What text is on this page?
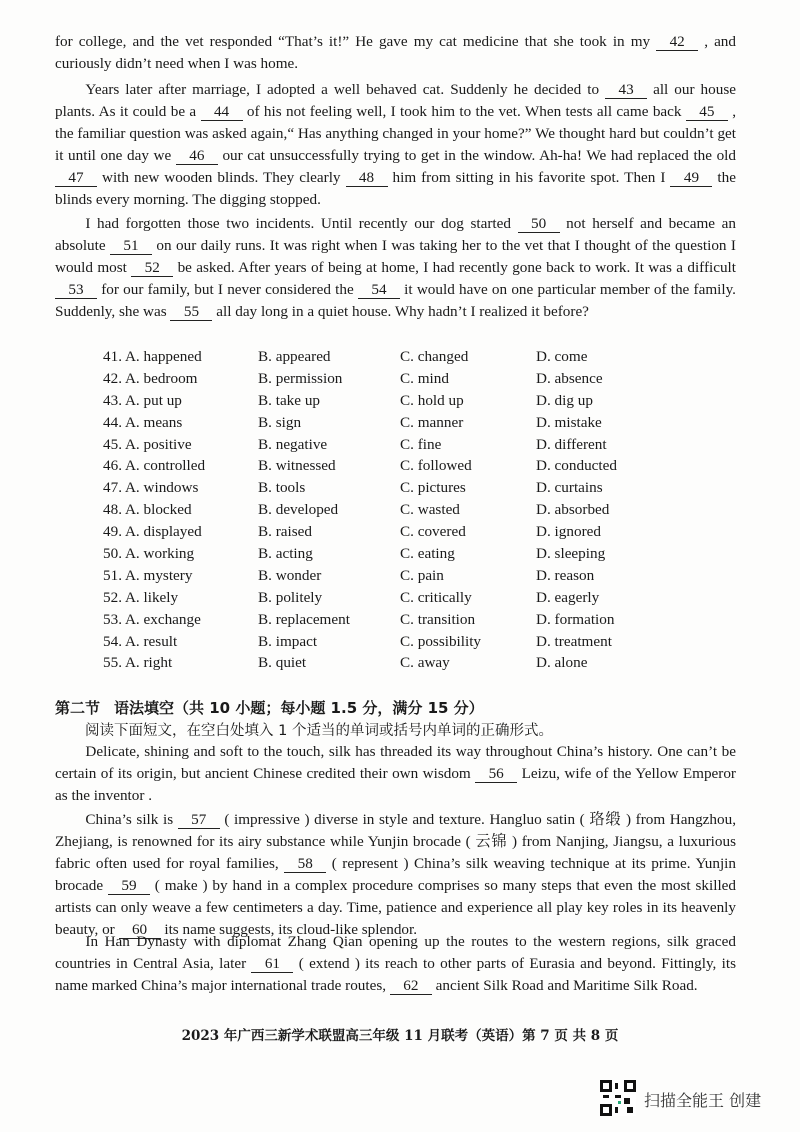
for college, and the vet responded “That’s it!” He gave my cat medicine that she took in my 42 , and curiously didn’t need when I was home.
Years later after marriage, I adopted a well behaved cat. Suddenly he decided to 43 all our house plants. As it could be a 44 of his not feeling well, I took him to the vet. When tests all came back 45 , the familiar question was asked again,“ Has anything changed in your home?” We thought hard but couldn’t get it until one day we 46 our cat unsuccessfully trying to get in the window. Ah-ha! We had replaced the old 47 with new wooden blinds. They clearly 48 him from sitting in his favorite spot. Then I 49 the blinds every morning. The digging stopped.
I had forgotten those two incidents. Until recently our dog started 50 not herself and became an absolute 51 on our daily runs. It was right when I was taking her to the vet that I thought of the question I would most 52 be asked. After years of being at home, I had recently gone back to work. It was a difficult 53 for our family, but I never considered the 54 it would have on one particular member of the family. Suddenly, she was 55 all day long in a quiet house. Why hadn’t I realized it before?
41. A. happened	B. appeared	C. changed	D. come
42. A. bedroom	B. permission	C. mind	D. absence
43. A. put up	B. take up	C. hold up	D. dig up
44. A. means	B. sign	C. manner	D. mistake
45. A. positive	B. negative	C. fine	D. different
46. A. controlled	B. witnessed	C. followed	D. conducted
47. A. windows	B. tools	C. pictures	D. curtains
48. A. blocked	B. developed	C. wasted	D. absorbed
49. A. displayed	B. raised	C. covered	D. ignored
50. A. working	B. acting	C. eating	D. sleeping
51. A. mystery	B. wonder	C. pain	D. reason
52. A. likely	B. politely	C. critically	D. eagerly
53. A. exchange	B. replacement	C. transition	D. formation
54. A. result	B. impact	C. possibility	D. treatment
55. A. right	B. quiet	C. away	D. alone
第二节 语法填空（共 10 小题；每小题 1.5 分，满分 15 分）
阅读下面短文，在空白处填入 1 个适当的单词或括号内单词的正确形式。
Delicate, shining and soft to the touch, silk has threaded its way throughout China’s history. One can’t be certain of its origin, but ancient Chinese credited their own wisdom 56 Leizu, wife of the Yellow Emperor as the inventor .
China’s silk is 57 ( impressive ) diverse in style and texture. Hangluo satin ( 珞缎 ) from Hangzhou, Zhejiang, is renowned for its airy substance while Yunjin brocade ( 云锦 ) from Nanjing, Jiangsu, a luxurious fabric often used for royal families, 58 ( represent ) China’s silk weaving technique at its prime. Yunjin brocade 59 ( make ) by hand in a complex procedure comprises so many steps that even the most skilled artists can only weave a few centimeters a day. Time, patience and experience all play key roles in its heavenly beauty, or 60 its name suggests, its cloud-like splendor.
In Han Dynasty with diplomat Zhang Qian opening up the routes to the western regions, silk graced countries in Central Asia, later 61 ( extend ) its reach to other parts of Eurasia and beyond. Fittingly, its name marked China’s major international trade routes, 62 ancient Silk Road and Maritime Silk Road.
2023 年广西三新学术联盟高三年级 11 月联考（英语）第 7 页 共 8 页
扫描全能王 创建
